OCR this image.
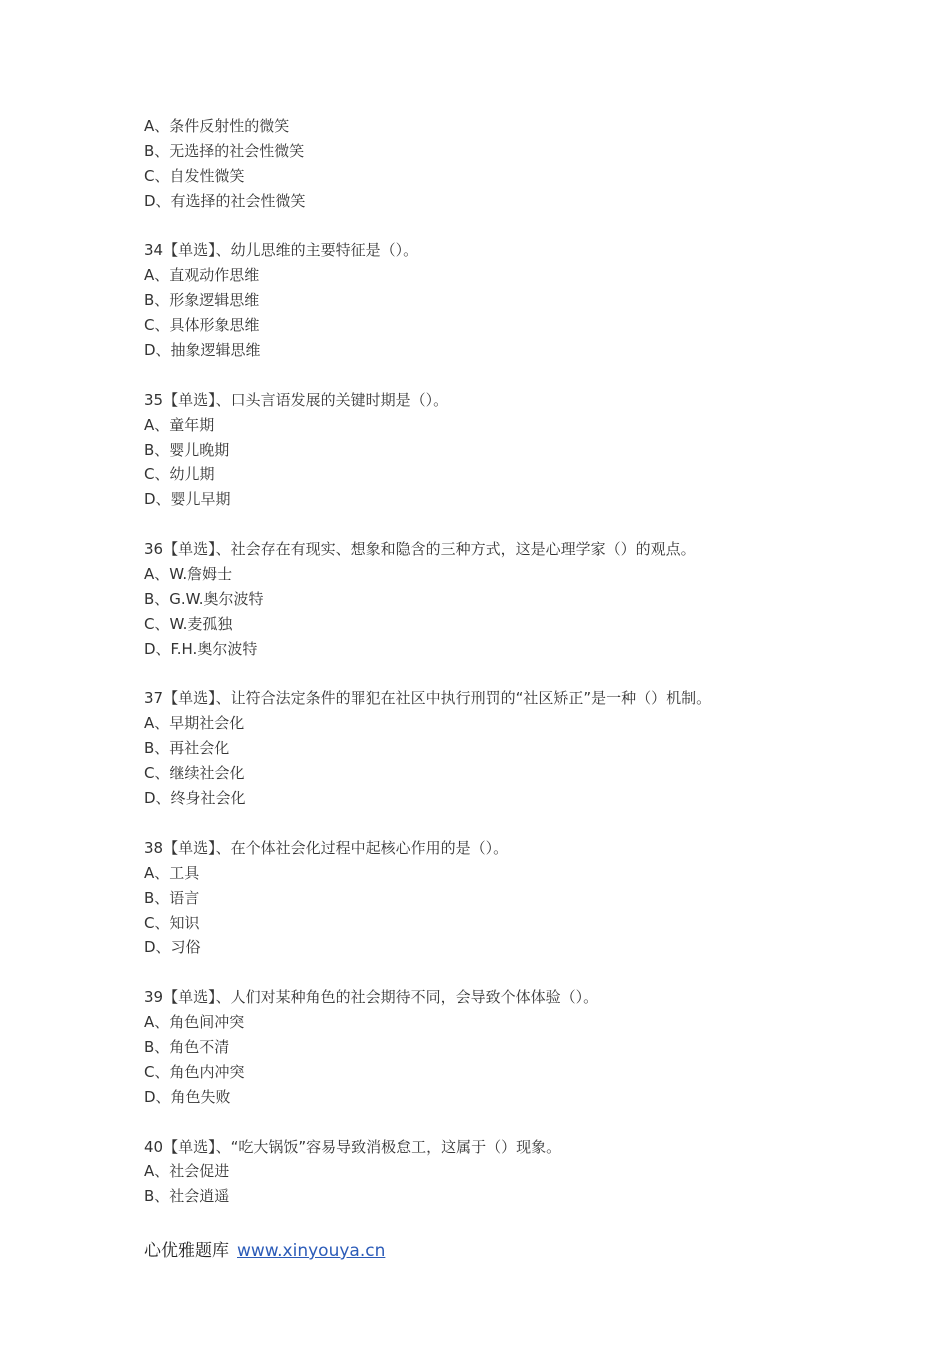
A、条件反射性的微笑
B、无选择的社会性微笑
C、自发性微笑
D、有选择的社会性微笑
34【单选】、幼儿思维的主要特征是（）。
A、直观动作思维
B、形象逻辑思维
C、具体形象思维
D、抽象逻辑思维
35【单选】、口头言语发展的关键时期是（）。
A、童年期
B、婴儿晚期
C、幼儿期
D、婴儿早期
36【单选】、社会存在有现实、想象和隐含的三种方式，这是心理学家（）的观点。
A、W.詹姆士
B、G.W.奥尔波特
C、W.麦孤独
D、F.H.奥尔波特
37【单选】、让符合法定条件的罪犯在社区中执行刑罚的“社区矫正”是一种（）机制。
A、早期社会化
B、再社会化
C、继续社会化
D、终身社会化
38【单选】、在个体社会化过程中起核心作用的是（）。
A、工具
B、语言
C、知识
D、习俗
39【单选】、人们对某种角色的社会期待不同，会导致个体体验（）。
A、角色间冲突
B、角色不清
C、角色内冲突
D、角色失败
40【单选】、“吃大锅饭”容易导致消极怠工，这属于（）现象。
A、社会促进
B、社会逍遥
心优雅题库 www.xinyouya.cn
